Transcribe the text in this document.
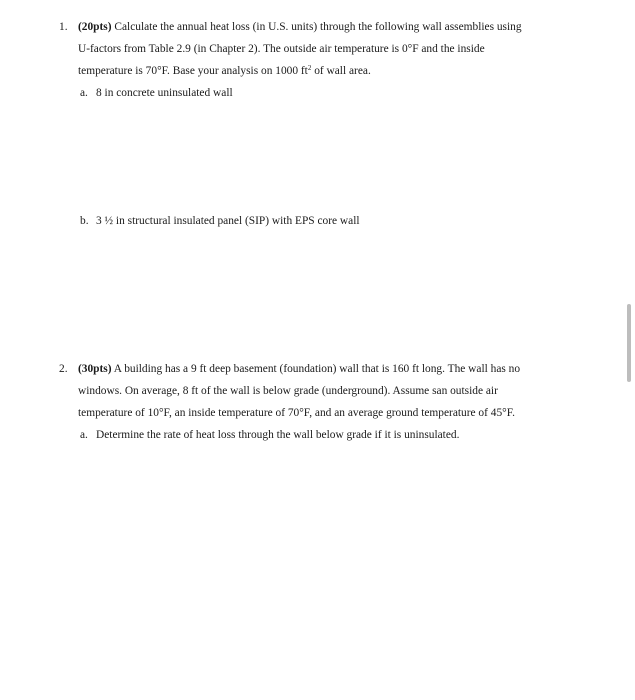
1. (20pts) Calculate the annual heat loss (in U.S. units) through the following wall assemblies using
U-factors from Table 2.9 (in Chapter 2). The outside air temperature is 0°F and the inside
temperature is 70°F. Base your analysis on 1000 $ft^2$ of wall area.
a. 8 in concrete uninsulated wall
b. 3 ½ in structural insulated panel (SIP) with EPS core wall
2. (30pts) A building has a 9 ft deep basement (foundation) wall that is 160 ft long. The wall has no
windows. On average, 8 ft of the wall is below grade (underground). Assume san outside air
temperature of 10°F, an inside temperature of 70°F, and an average ground temperature of 45°F.
a. Determine the rate of heat loss through the wall below grade if it is uninsulated.
